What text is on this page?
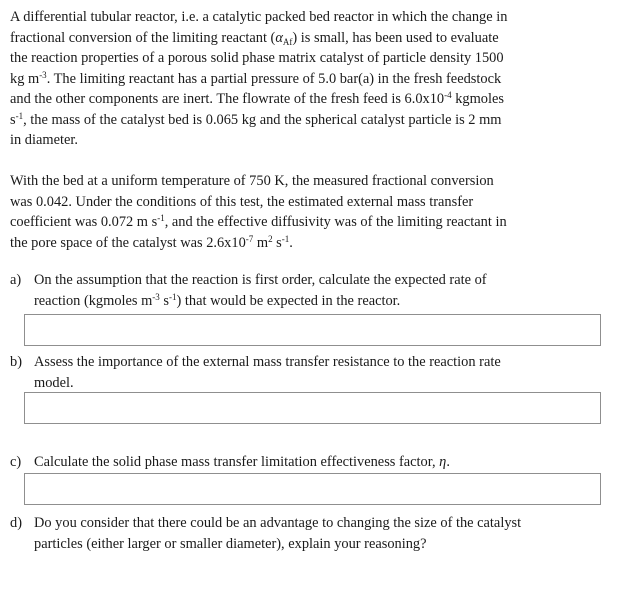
A differential tubular reactor, i.e. a catalytic packed bed reactor in which the change in
fractional conversion of the limiting reactant $(\alpha_{Af})$ is small, has been used to evaluate
the reaction properties of a porous solid phase matrix catalyst of particle density 1500
kg $m^{-3}$. The limiting reactant has a partial pressure of 5.0 bar(a) in the fresh feedstock
and the other components are inert. The flowrate of the fresh feed is $6.0x10^{-4}$ kgmoles
$s^{-1}$, the mass of the catalyst bed is 0.065 kg and the spherical catalyst particle is 2 mm
in diameter.
With the bed at a uniform temperature of 750 K, the measured fractional conversion
was 0.042. Under the conditions of this test, the estimated external mass transfer
coefficient was 0.072 m $s^{-1}$, and the effective diffusivity was of the limiting reactant in
the pore space of the catalyst was $2.6x10^{-7}$ $m^2$ $s^{-1}$.
a) On the assumption that the reaction is first order, calculate the expected rate of
reaction (kgmoles $m^{-3}$ $s^{-1}$) that would be expected in the reactor.
b) Assess the importance of the external mass transfer resistance to the reaction rate
model.
c) Calculate the solid phase mass transfer limitation effectiveness factor, η.
d) Do you consider that there could be an advantage to changing the size of the catalyst
particles (either larger or smaller diameter), explain your reasoning?
